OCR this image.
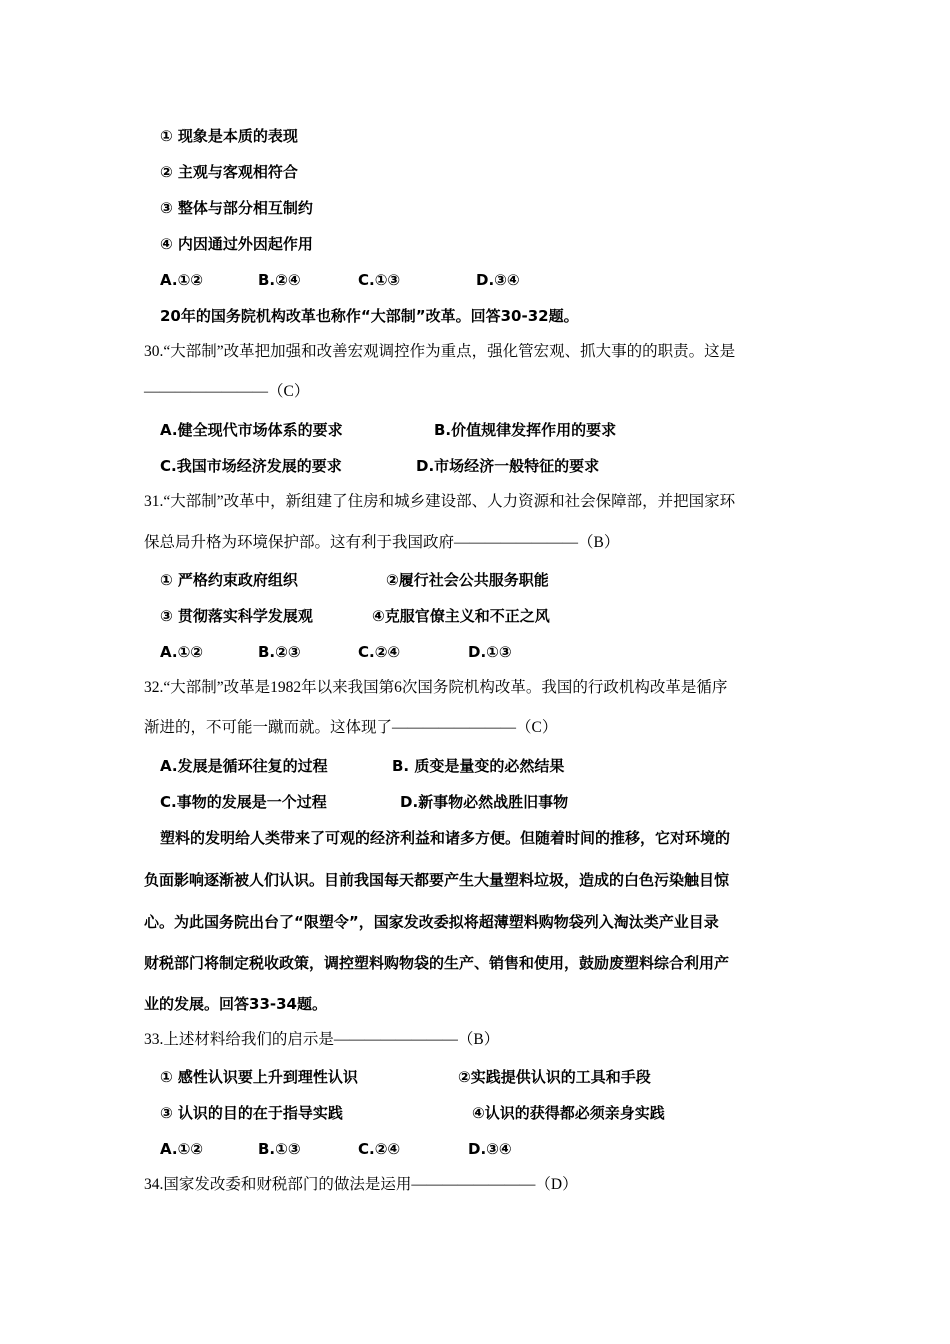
① 现象是本质的表现
② 主观与客观相符合
③ 整体与部分相互制约
④ 内因通过外因起作用
A.①②	B.②④	C.①③	D.③④
20年的国务院机构改革也称作“大部制”改革。回答30-32题。
30.“大部制”改革把加强和改善宏观调控作为重点，强化管宏观、抓大事的的职责。这是
————————（C）
A.健全现代市场体系的要求	B.价值规律发挥作用的要求
C.我国市场经济发展的要求	D.市场经济一般特征的要求
31.“大部制”改革中，新组建了住房和城乡建设部、人力资源和社会保障部，并把国家环
保总局升格为环境保护部。这有利于我国政府————————（B）
① 严格约束政府组织	②履行社会公共服务职能
③ 贯彻落实科学发展观	④克服官僚主义和不正之风
A.①②	B.②③	C.②④	D.①③
32.“大部制”改革是1982年以来我国第6次国务院机构改革。我国的行政机构改革是循序
渐进的，不可能一蹴而就。这体现了————————（C）
A.发展是循环往复的过程	B. 质变是量变的必然结果
C.事物的发展是一个过程	D.新事物必然战胜旧事物
塑料的发明给人类带来了可观的经济利益和诸多方便。但随着时间的推移，它对环境的
负面影响逐渐被人们认识。目前我国每天都要产生大量塑料垃圾，造成的白色污染触目惊
心。为此国务院出台了“限塑令”，国家发改委拟将超薄塑料购物袋列入淘汰类产业目录
财税部门将制定税收政策，调控塑料购物袋的生产、销售和使用，鼓励废塑料综合利用产
业的发展。回答33-34题。
33.上述材料给我们的启示是————————（B）
① 感性认识要上升到理性认识	②实践提供认识的工具和手段
③ 认识的目的在于指导实践	④认识的获得都必须亲身实践
A.①②	B.①③	C.②④	D.③④
34.国家发改委和财税部门的做法是运用————————（D）
